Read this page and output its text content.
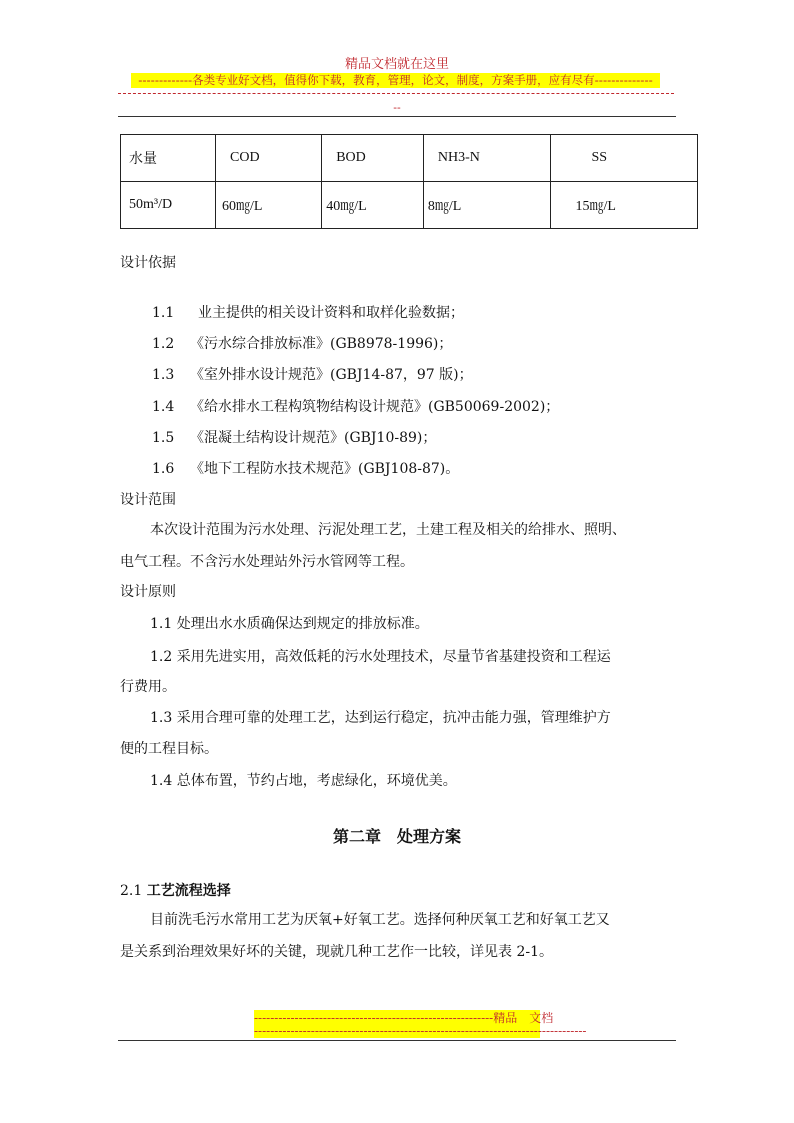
精品文档就在这里
-------------各类专业好文档，值得你下载，教育，管理，论文，制度，方案手册，应有尽有--------------
--
水量	COD	BOD	NH3-N	SS
50m³/D	60㎎/L	40㎎/L	8㎎/L	15㎎/L
设计依据
1.1 业主提供的相关设计资料和取样化验数据；
1.2 《污水综合排放标准》(GB8978-1996)；
1.3 《室外排水设计规范》(GBJ14-87，97 版)；
1.4 《给水排水工程构筑物结构设计规范》(GB50069-2002)；
1.5 《混凝土结构设计规范》(GBJ10-89)；
1.6 《地下工程防水技术规范》(GBJ108-87)。
设计范围
本次设计范围为污水处理、污泥处理工艺，土建工程及相关的给排水、照明、
电气工程。不含污水处理站外污水管网等工程。
设计原则
1.1 处理出水水质确保达到规定的排放标准。
1.2 采用先进实用，高效低耗的污水处理技术，尽量节省基建投资和工程运
行费用。
1.3 采用合理可靠的处理工艺，达到运行稳定，抗冲击能力强，管理维护方
便的工程目标。
1.4 总体布置，节约占地，考虑绿化，环境优美。
第二章　处理方案
2.1 工艺流程选择
目前洗毛污水常用工艺为厌氧+好氧工艺。选择何种厌氧工艺和好氧工艺又
是关系到治理效果好坏的关键，现就几种工艺作一比较，详见表 2-1。
-----------------------------------------------------------精品　文档
----------------------------------------------------------------------------------
